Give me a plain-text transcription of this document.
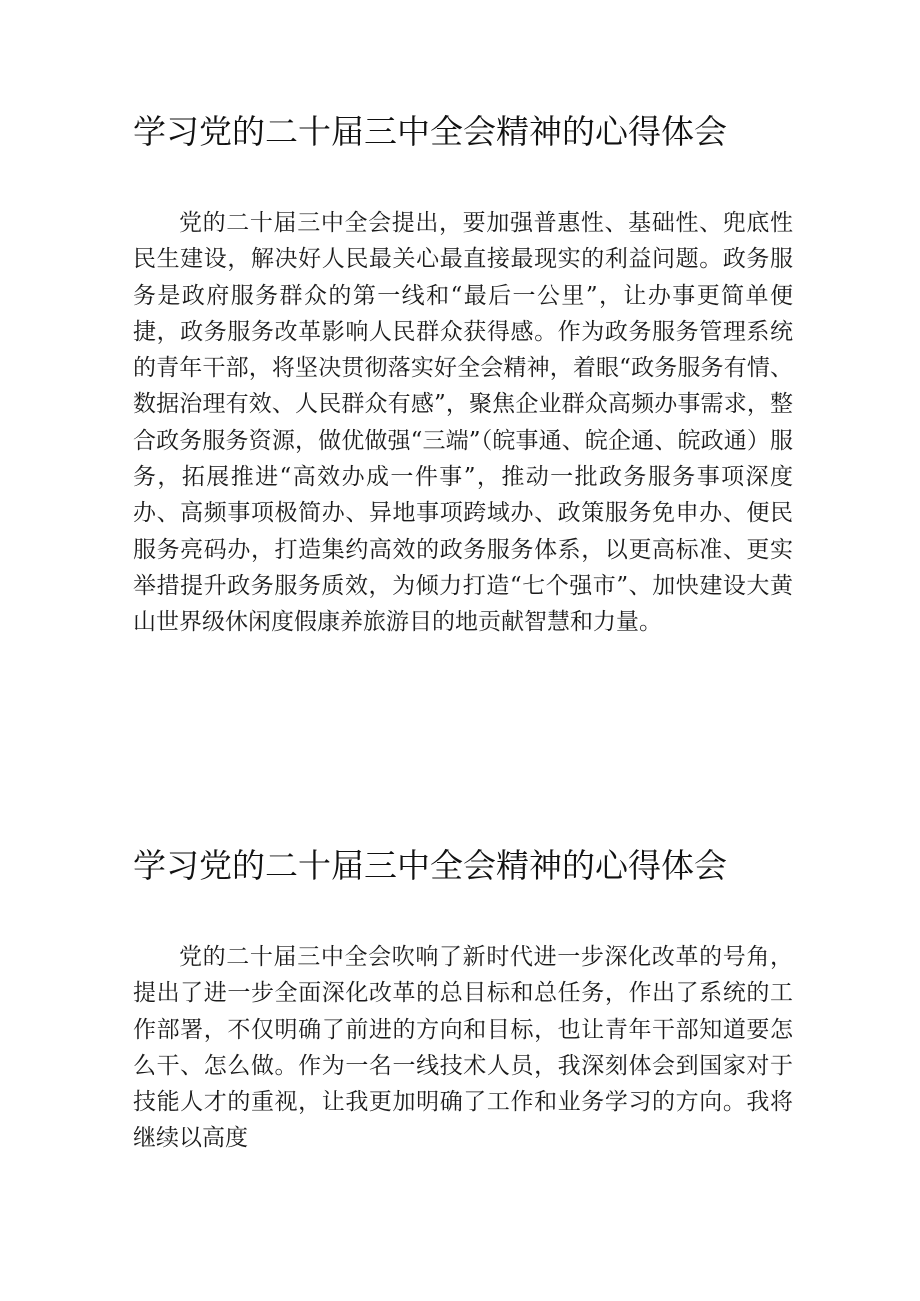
学习党的二十届三中全会精神的心得体会

党的二十届三中全会提出，要加强普惠性、基础性、兜底性民生建设，解决好人民最关心最直接最现实的利益问题。政务服务是政府服务群众的第一线和“最后一公里”，让办事更简单便捷，政务服务改革影响人民群众获得感。作为政务服务管理系统的青年干部，将坚决贯彻落实好全会精神，着眼“政务服务有情、数据治理有效、人民群众有感”，聚焦企业群众高频办事需求，整合政务服务资源，做优做强“三端”（皖事通、皖企通、皖政通）服务，拓展推进“高效办成一件事”，推动一批政务服务事项深度办、高频事项极简办、异地事项跨域办、政策服务免申办、便民服务亮码办，打造集约高效的政务服务体系，以更高标准、更实举措提升政务服务质效，为倾力打造“七个强市”、加快建设大黄山世界级休闲度假康养旅游目的地贡献智慧和力量。

学习党的二十届三中全会精神的心得体会

党的二十届三中全会吹响了新时代进一步深化改革的号角，提出了进一步全面深化改革的总目标和总任务，作出了系统的工作部署，不仅明确了前进的方向和目标，也让青年干部知道要怎么干、怎么做。作为一名一线技术人员，我深刻体会到国家对于技能人才的重视，让我更加明确了工作和业务学习的方向。我将继续以高度
